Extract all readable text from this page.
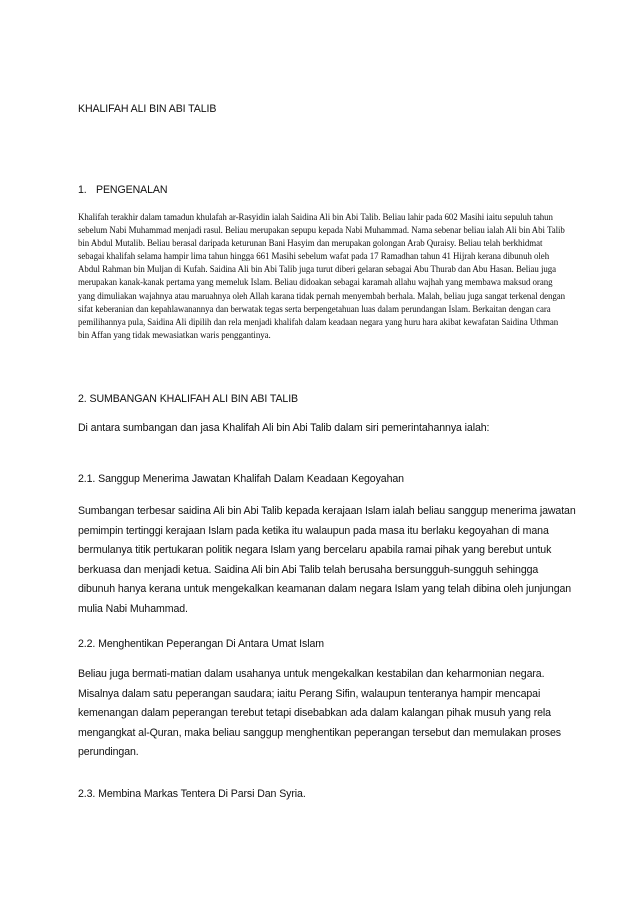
KHALIFAH ALI BIN ABI TALIB

1. PENGENALAN

Khalifah terakhir dalam tamadun khulafah ar-Rasyidin ialah Saidina Ali bin Abi Talib. Beliau lahir pada 602 Masihi iaitu sepuluh tahun sebelum Nabi Muhammad menjadi rasul. Beliau merupakan sepupu kepada Nabi Muhammad. Nama sebenar beliau ialah Ali bin Abi Talib bin Abdul Mutalib. Beliau berasal daripada keturunan Bani Hasyim dan merupakan golongan Arab Quraisy. Beliau telah berkhidmat sebagai khalifah selama hampir lima tahun hingga 661 Masihi sebelum wafat pada 17 Ramadhan tahun 41 Hijrah kerana dibunuh oleh Abdul Rahman bin Muljan di Kufah. Saidina Ali bin Abi Talib juga turut diberi gelaran sebagai Abu Thurab dan Abu Hasan. Beliau juga merupakan kanak-kanak pertama yang memeluk Islam. Beliau didoakan sebagai karamah allahu wajhah yang membawa maksud orang yang dimuliakan wajahnya atau maruahnya oleh Allah karana tidak pernah menyembah berhala. Malah, beliau juga sangat terkenal dengan sifat keberanian dan kepahlawanannya dan berwatak tegas serta berpengetahuan luas dalam perundangan Islam. Berkaitan dengan cara pemilihannya pula, Saidina Ali dipilih dan rela menjadi khalifah dalam keadaan negara yang huru hara akibat kewafatan Saidina Uthman bin Affan yang tidak mewasiatkan waris penggantinya.

2. SUMBANGAN KHALIFAH ALI BIN ABI TALIB

Di antara sumbangan dan jasa Khalifah Ali bin Abi Talib dalam siri pemerintahannya ialah:

2.1. Sanggup Menerima Jawatan Khalifah Dalam Keadaan Kegoyahan

Sumbangan terbesar saidina Ali bin Abi Talib kepada kerajaan Islam ialah beliau sanggup menerima jawatan pemimpin tertinggi kerajaan Islam pada ketika itu walaupun pada masa itu berlaku kegoyahan di mana bermulanya titik pertukaran politik negara Islam yang bercelaru apabila ramai pihak yang berebut untuk berkuasa dan menjadi ketua. Saidina Ali bin Abi Talib telah berusaha bersungguh-sungguh sehingga dibunuh hanya kerana untuk mengekalkan keamanan dalam negara Islam yang telah dibina oleh junjungan mulia Nabi Muhammad.

2.2. Menghentikan Peperangan Di Antara Umat Islam

Beliau juga bermati-matian dalam usahanya untuk mengekalkan kestabilan dan keharmonian negara. Misalnya dalam satu peperangan saudara; iaitu Perang Sifin, walaupun tenteranya hampir mencapai kemenangan dalam peperangan terebut tetapi disebabkan ada dalam kalangan pihak musuh yang rela mengangkat al-Quran, maka beliau sanggup menghentikan peperangan tersebut dan memulakan proses perundingan.

2.3. Membina Markas Tentera Di Parsi Dan Syria.
